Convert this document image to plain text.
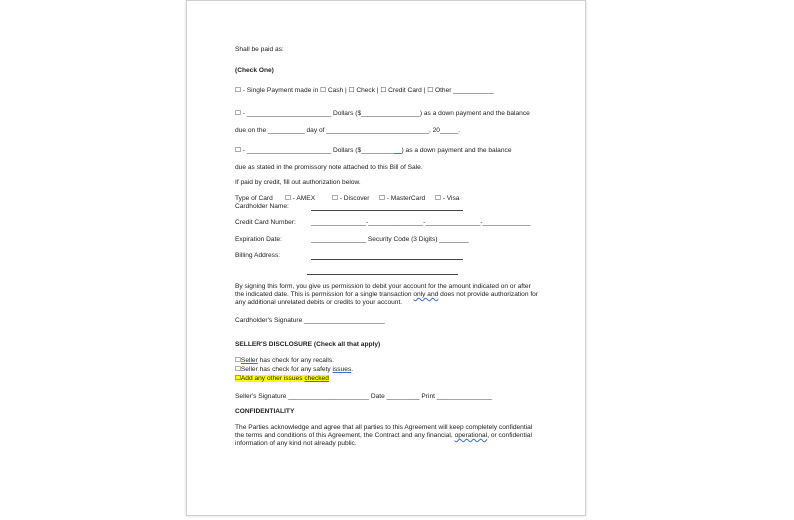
Shall be paid as:

(Check One)

☐ - Single Payment made in ☐ Cash | ☐ Check | ☐ Credit Card | ☐ Other ___________

☐ - _______________________ Dollars ($________________) as a down payment and the balance

due on the __________ day of ____________________________, 20_____.

☐ - _______________________ Dollars ($___________) as a down payment and the balance

due as stated in the promissory note attached to this Bill of Sale.

If paid by credit, fill out authorization below.

Type of Card ☐ - AMEX	☐ - Discover ☐ - MasterCard ☐ - Visa

Cardholder Name:

Credit Card Number: _______________-_______________-_______________-_____________

Expiration Date:	_______________ Security Code (3 Digits) ________

Billing Address:

By signing this form, you give us permission to debit your account for the amount indicated on or after the indicated date. This is permission for a single transaction only and does not provide authorization for any additional unrelated debits or credits to your account.

Cardholder's Signature ______________________

SELLER'S DISCLOSURE (Check all that apply)

☐Seller has check for any recalls.

☐Seller has check for any safety issues.

☐Add any other issues checked

Seller's Signature ______________________ Date _________ Print _______________

CONFIDENTIALITY

The Parties acknowledge and agree that all parties to this Agreement will keep completely confidential the terms and conditions of this Agreement, the Contract and any financial, operational, or confidential information of any kind not already public.
